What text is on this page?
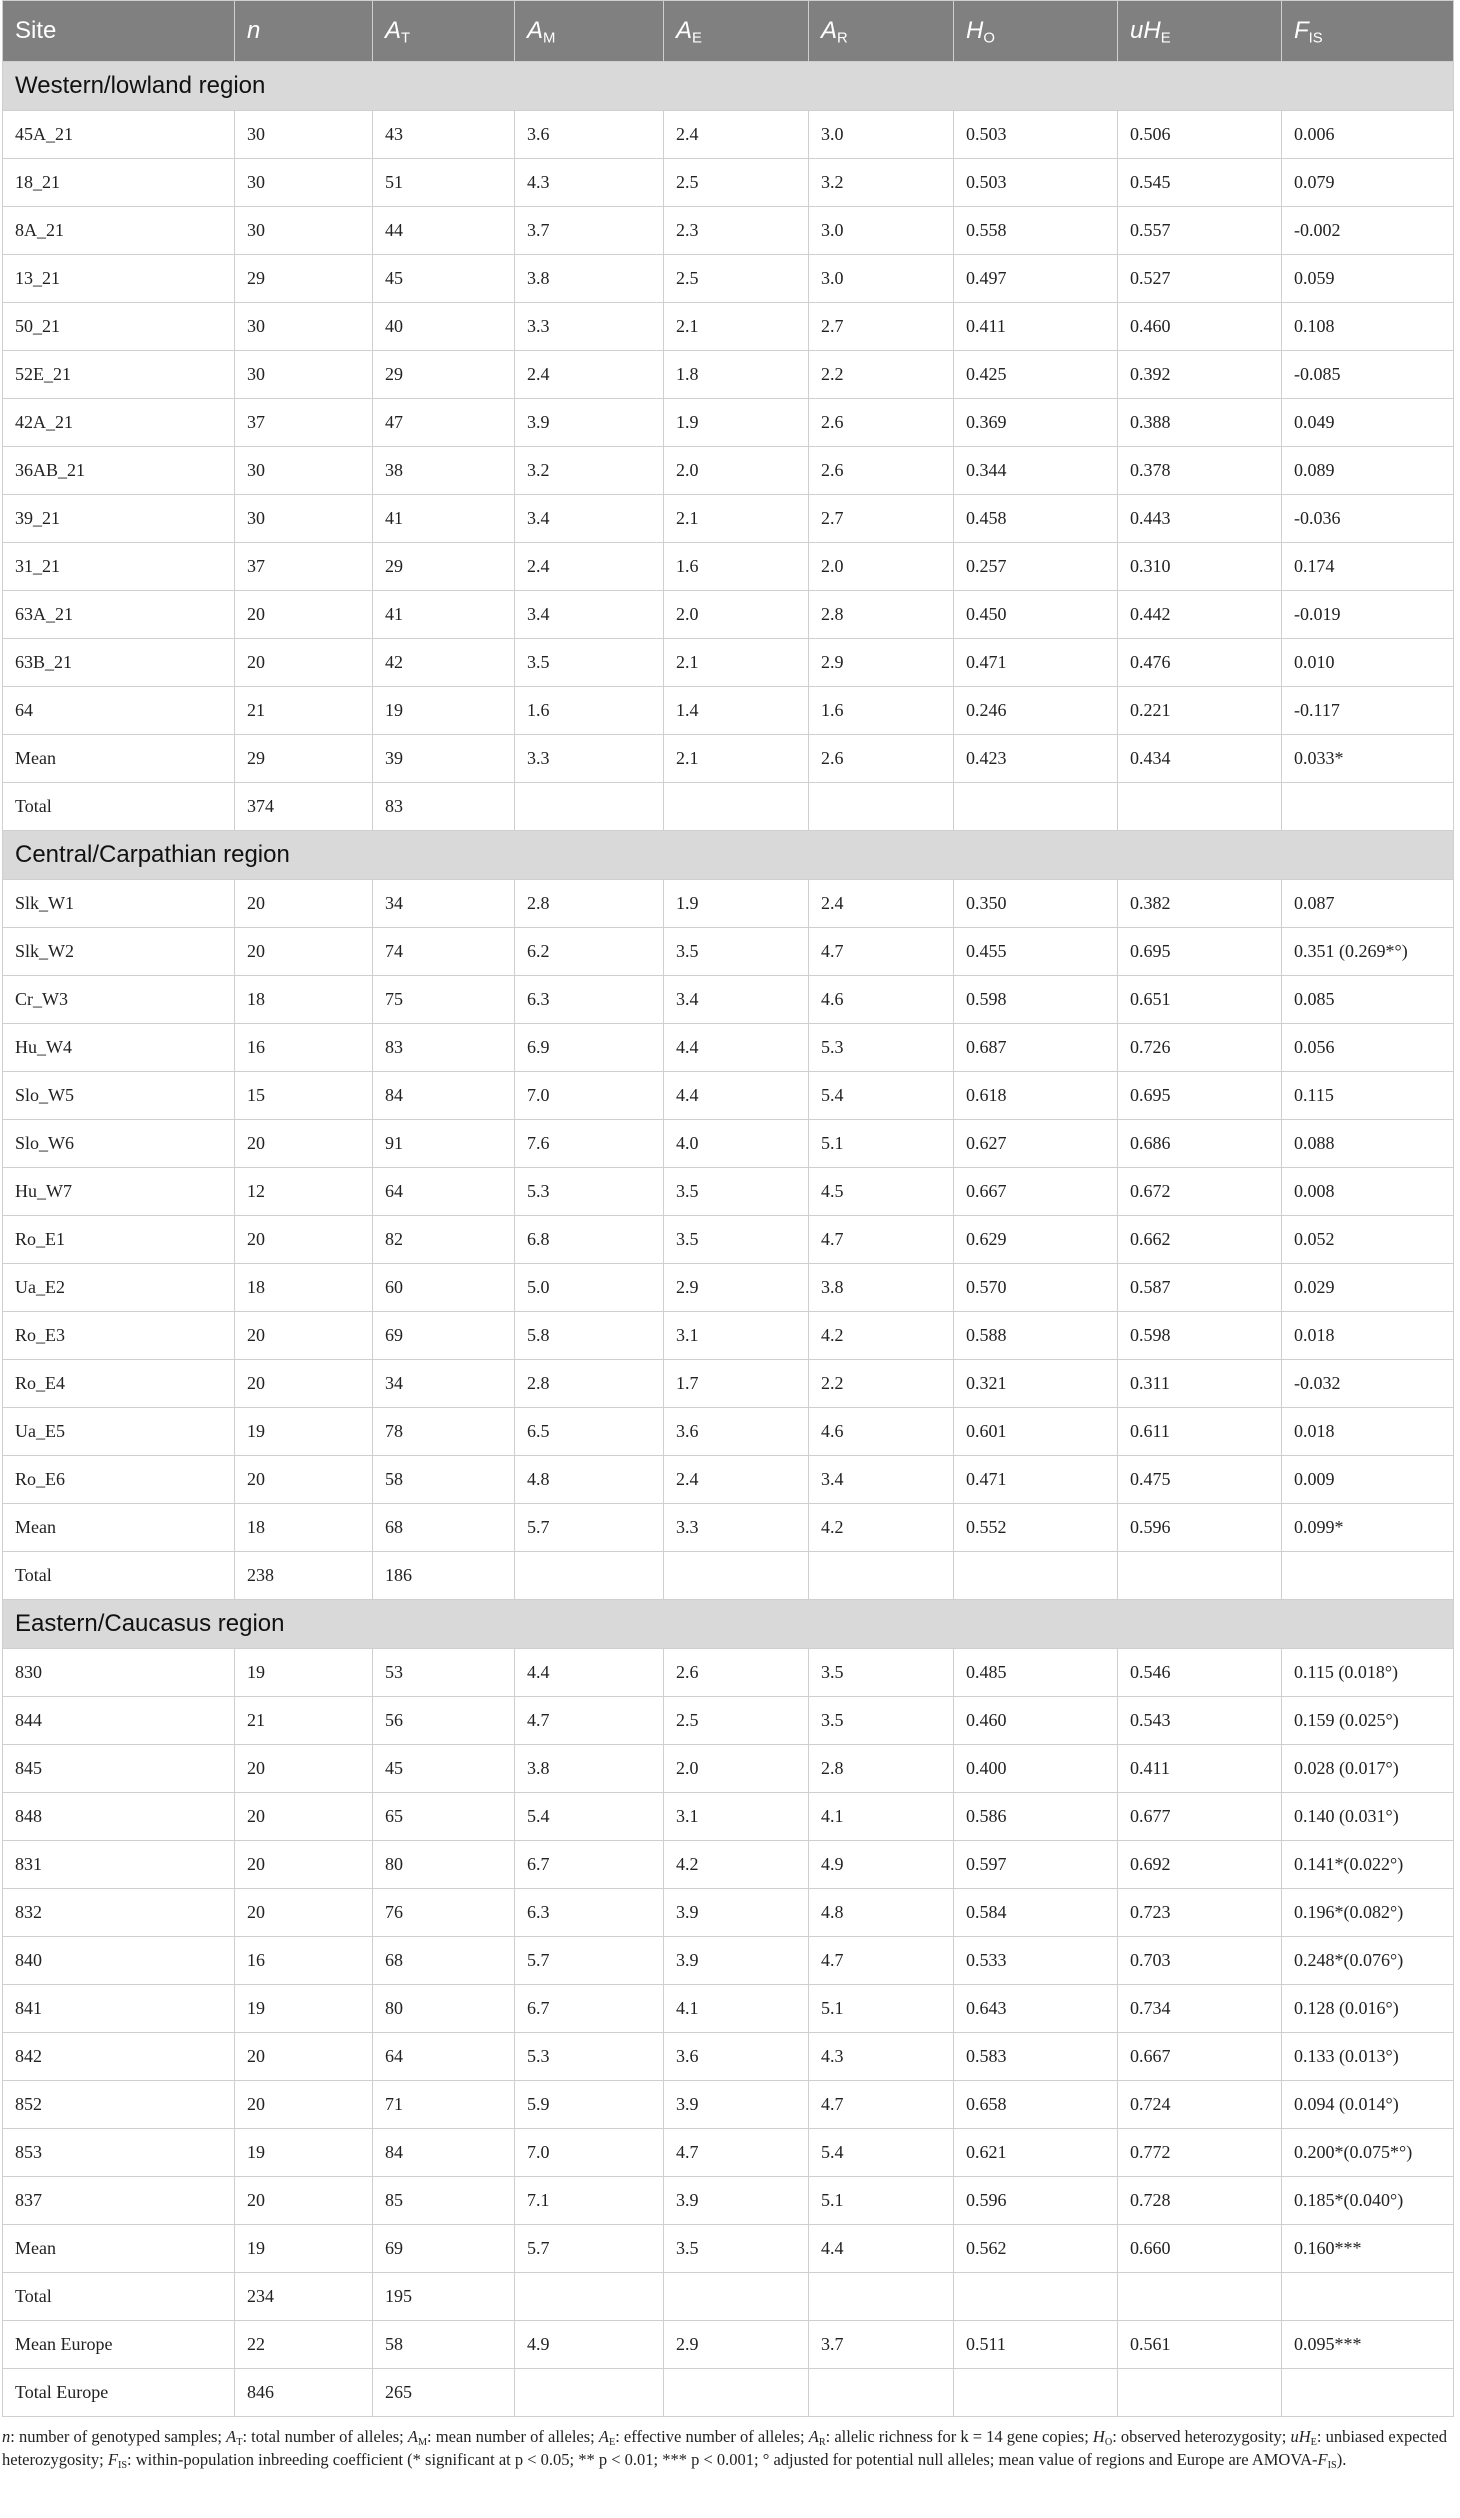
Site	n	$A_T$	$A_M$	$A_E$	$A_R$	$H_O$	$uH_E$	$F_{IS}$
Western/lowland region								
45A_21	30	43	3.6	2.4	3.0	0.503	0.506	0.006
18_21	30	51	4.3	2.5	3.2	0.503	0.545	0.079
8A_21	30	44	3.7	2.3	3.0	0.558	0.557	-0.002
13_21	29	45	3.8	2.5	3.0	0.497	0.527	0.059
50_21	30	40	3.3	2.1	2.7	0.411	0.460	0.108
52E_21	30	29	2.4	1.8	2.2	0.425	0.392	-0.085
42A_21	37	47	3.9	1.9	2.6	0.369	0.388	0.049
36AB_21	30	38	3.2	2.0	2.6	0.344	0.378	0.089
39_21	30	41	3.4	2.1	2.7	0.458	0.443	-0.036
31_21	37	29	2.4	1.6	2.0	0.257	0.310	0.174
63A_21	20	41	3.4	2.0	2.8	0.450	0.442	-0.019
63B_21	20	42	3.5	2.1	2.9	0.471	0.476	0.010
64	21	19	1.6	1.4	1.6	0.246	0.221	-0.117
Mean	29	39	3.3	2.1	2.6	0.423	0.434	0.033*
Total	374	83						
Central/Carpathian region								
Slk_W1	20	34	2.8	1.9	2.4	0.350	0.382	0.087
Slk_W2	20	74	6.2	3.5	4.7	0.455	0.695	0.351 (0.269*°)
Cr_W3	18	75	6.3	3.4	4.6	0.598	0.651	0.085
Hu_W4	16	83	6.9	4.4	5.3	0.687	0.726	0.056
Slo_W5	15	84	7.0	4.4	5.4	0.618	0.695	0.115
Slo_W6	20	91	7.6	4.0	5.1	0.627	0.686	0.088
Hu_W7	12	64	5.3	3.5	4.5	0.667	0.672	0.008
Ro_E1	20	82	6.8	3.5	4.7	0.629	0.662	0.052
Ua_E2	18	60	5.0	2.9	3.8	0.570	0.587	0.029
Ro_E3	20	69	5.8	3.1	4.2	0.588	0.598	0.018
Ro_E4	20	34	2.8	1.7	2.2	0.321	0.311	-0.032
Ua_E5	19	78	6.5	3.6	4.6	0.601	0.611	0.018
Ro_E6	20	58	4.8	2.4	3.4	0.471	0.475	0.009
Mean	18	68	5.7	3.3	4.2	0.552	0.596	0.099*
Total	238	186						
Eastern/Caucasus region								
830	19	53	4.4	2.6	3.5	0.485	0.546	0.115 (0.018°)
844	21	56	4.7	2.5	3.5	0.460	0.543	0.159 (0.025°)
845	20	45	3.8	2.0	2.8	0.400	0.411	0.028 (0.017°)
848	20	65	5.4	3.1	4.1	0.586	0.677	0.140 (0.031°)
831	20	80	6.7	4.2	4.9	0.597	0.692	0.141*(0.022°)
832	20	76	6.3	3.9	4.8	0.584	0.723	0.196*(0.082°)
840	16	68	5.7	3.9	4.7	0.533	0.703	0.248*(0.076°)
841	19	80	6.7	4.1	5.1	0.643	0.734	0.128 (0.016°)
842	20	64	5.3	3.6	4.3	0.583	0.667	0.133 (0.013°)
852	20	71	5.9	3.9	4.7	0.658	0.724	0.094 (0.014°)
853	19	84	7.0	4.7	5.4	0.621	0.772	0.200*(0.075*°)
837	20	85	7.1	3.9	5.1	0.596	0.728	0.185*(0.040°)
Mean	19	69	5.7	3.5	4.4	0.562	0.660	0.160***
Total	234	195						
Mean Europe	22	58	4.9	2.9	3.7	0.511	0.561	0.095***
Total Europe	846	265						
n: number of genotyped samples; $A_T$: total number of alleles; $A_M$: mean number of alleles; $A_E$: effective number of alleles; $A_R$: allelic richness for k = 14 gene copies; $H_O$: observed heterozygosity; $uH_E$: unbiased expected heterozygosity; $F_{IS}$: within-population inbreeding coefficient (* significant at p < 0.05; ** p < 0.01; *** p < 0.001; ° adjusted for potential null alleles; mean value of regions and Europe are AMOVA-$F_{IS}$).
